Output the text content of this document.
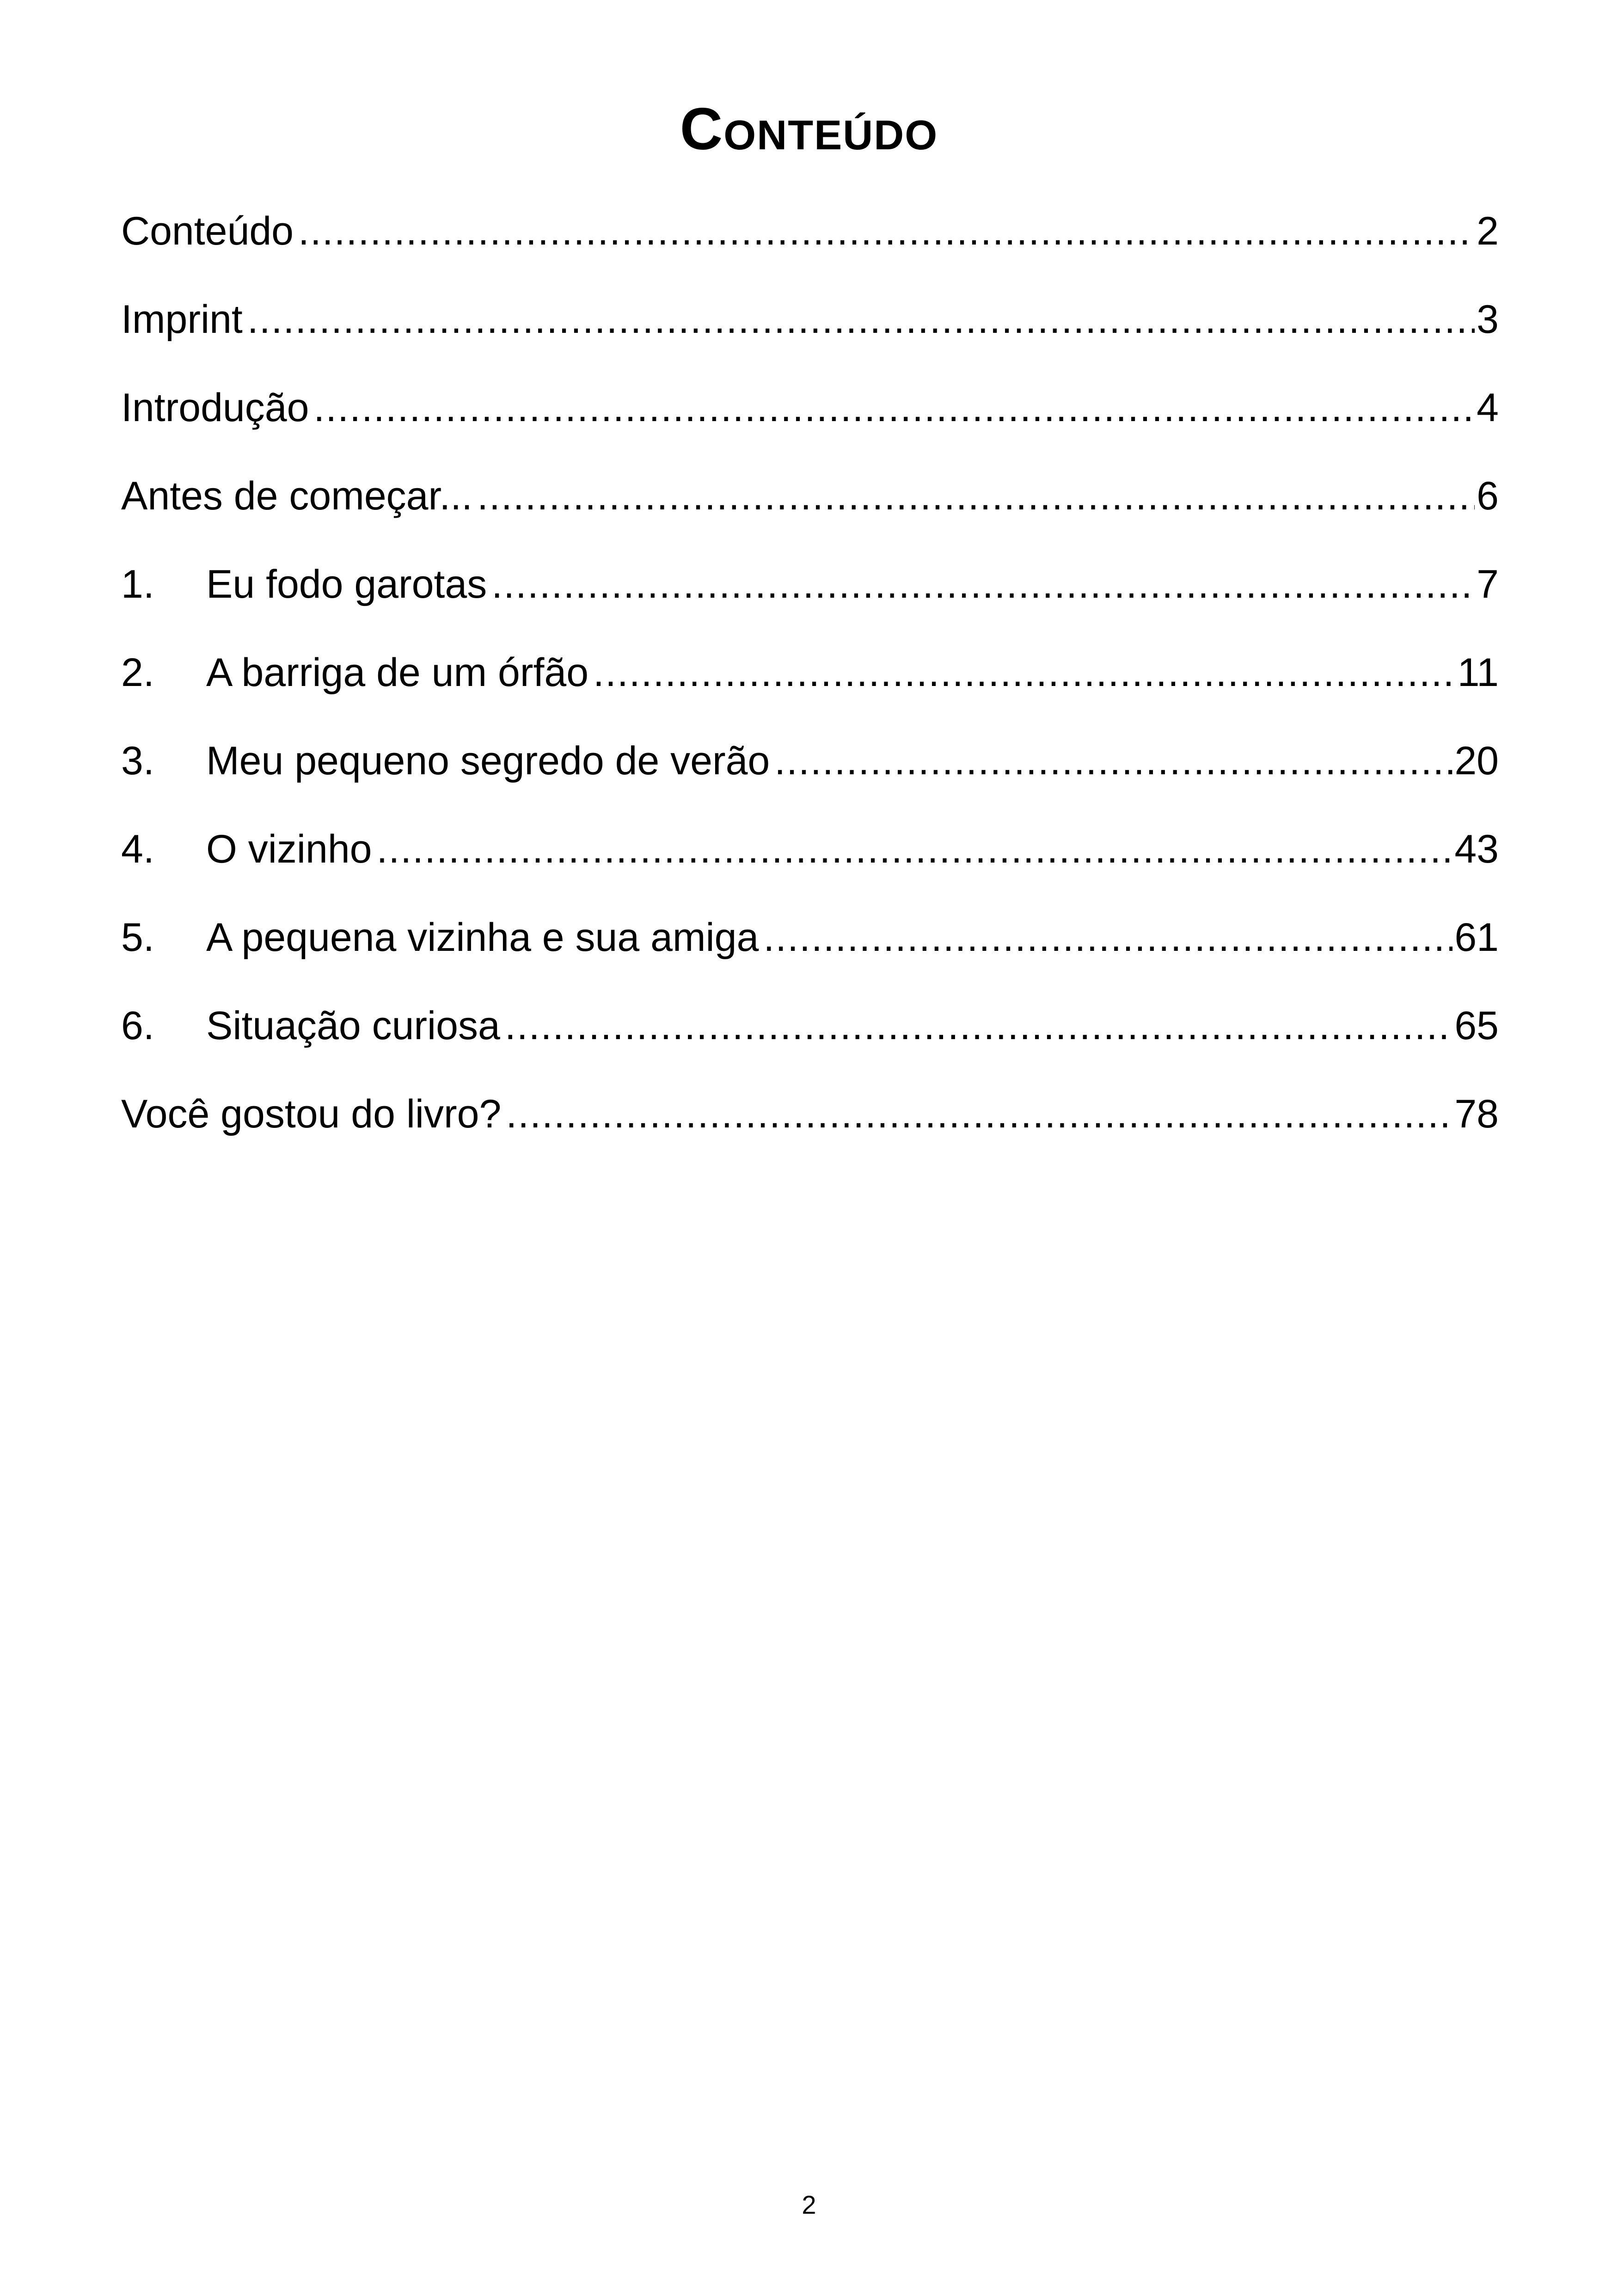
Conteúdo
Conteúdo .....	2
Imprint .....	3
Introdução .....	4
Antes de começar... .....	6
1.	Eu fodo garotas .....	7
2.	A barriga de um órfão .....	11
3.	Meu pequeno segredo de verão .....	20
4.	O vizinho .....	43
5.	A pequena vizinha e sua amiga .....	61
6.	Situação curiosa .....	65
Você gostou do livro? .....	78
2
